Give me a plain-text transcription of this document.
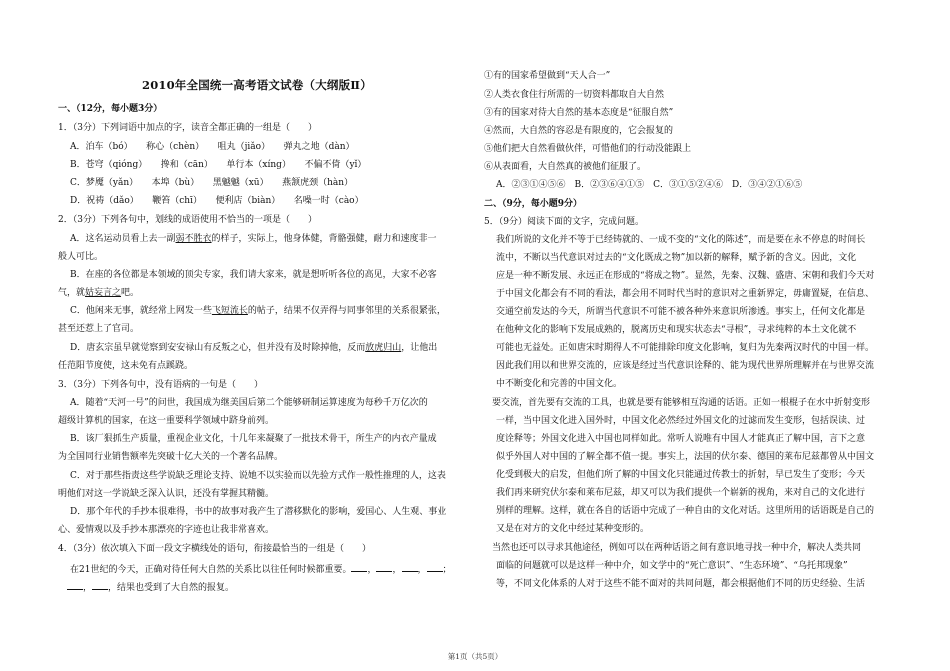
2010年全国统一高考语文试卷（大纲版Ⅱ）
一、（12分，每小题3分）
1．（3分）下列词语中加点的字，读音全都正确的一组是（　　）
A．泊车（bó）　　称心（chèn）　　咀丸（jiǎo）　　弹丸之地（dàn）
B．苍穹（qióng）　　搀和（cān）　　单行本（xíng）　　不偏不倚（yǐ）
C．梦魇（yǎn）　　本埠（bù）　　黑魆魆（xū）　　燕颔虎颈（hàn）
D．祝祷（dǎo）　　鞭笞（chī）　　便利店（biàn）　　名噪一时（cào）
2．（3分）下列各句中，划线的成语使用不恰当的一项是（　　）
A．这名运动员看上去一副弱不胜衣的样子，实际上，他身体健，背骼强健，耐力和速度非一
般人可比。
B．在座的各位都是本领域的顶尖专家，我们请大家来，就是想听听各位的高见，大家不必客
气，就姑妄言之吧。
C．他闲来无事，就经常上网发一些飞短流长的帖子，结果不仅弄得与同事邻里的关系很紧张，
甚至还惹上了官司。
D．唐玄宗虽早就觉察到安安禄山有反叛之心，但并没有及时除掉他，反而放虎归山，让他出
任范阳节度使，这未免有点蹊跷。
3．（3分）下列各句中，没有语病的一句是（　　）
A．随着“天河一号”的问世，我国成为继美国后第二个能够研制运算速度为每秒千万亿次的
超级计算机的国家，在这一重要科学领域中跻身前列。
B．该厂狠抓生产质量，重视企业文化，十几年来凝聚了一批技术骨干，所生产的内衣产量成
为全国同行业销售额率先突破十亿大关的一个著名品牌。
C．对于那些指责这些学说缺乏理论支持、说她不以实验而以先验方式作一般性推理的人，这表
明他们对这一学说缺乏深入认识，还没有掌握其精髓。
D．那个年代的手抄本很难得，书中的故事对我产生了潜移默化的影响，爱国心、人生观、事业
心、爱情观以及手抄本那漂亮的字迹也让我非常喜欢。
4．（3分）依次填入下面一段文字横线处的语句，衔接最恰当的一组是（　　）
在21世纪的今天，正确对待任何大自然的关系比以往任何时候都重要。 ， ， ， ；
　， ，结果也受到了大自然的报复。
①有的国家希望做到“天人合一”
②人类衣食住行所需的一切资料都取自大自然
③有的国家对待大自然的基本态度是“征服自然”
④然而，大自然的容忍是有限度的，它会报复的
⑤他们把大自然看做伙伴，可惜他们的行动没能跟上
⑥从表面看，大自然真的被他们征服了。
A．②③①④⑤⑥　B．②③⑥④①⑤　C．③①⑤②④⑥　D．③④②①⑥⑤
二、（9分，每小题9分）
5．（9分）阅读下面的文字，完成问题。
我们所说的文化并不等于已经铸就的、一成不变的“文化的陈述”，而是要在永不停息的时间长
流中，不断以当代意识对过去的“文化既成之物”加以新的解释，赋予新的含义。因此，文化
应是一种不断发展、永远正在形成的“将成之物”。显然，先秦、汉魏、盛唐、宋朝和我们今天对
于中国文化都会有不同的看法，都会用不同时代当时的意识对之重新界定，毋庸置疑，在信息、
交通空前发达的今天，所谓当代意识不可能不被各种外来意识所渗透。事实上，任何文化都是
在他种文化的影响下发展成熟的，脱离历史和现实状态去“寻根”，寻求纯粹的本土文化就不
可能也无益处。正如唐宋时期得人不可能排除印度文化影响，复归为先秦两汉时代的中国一样。
因此我们用以和世界交流的，应该是经过当代意识诠释的、能为现代世界所理解并在与世界交流
中不断变化和完善的中国文化。
要交流，首先要有交流的工具，也就是要有能够相互沟通的话语。正如一根棍子在水中折射变形
一样，当中国文化进入国外时，中国文化必然经过外国文化的过滤而发生变形，包括误读、过
度诠释等；外国文化进入中国也同样如此。常听人说唯有中国人才能真正了解中国，言下之意
似乎外国人对中国的了解全都不值一提。事实上，法国的伏尔泰、德国的莱布尼兹都曾从中国文
化受到极大的启发，但他们所了解的中国文化只能通过传教士的折射，早已发生了变形；今天
我们再来研究伏尔泰和莱布尼兹，却又可以为我们提供一个崭新的视角，来对自己的文化进行
别样的理解。这样，就在各自的话语中完成了一种自由的文化对话。这里所用的话语既是自己的
又是在对方的文化中经过某种变形的。
当然也还可以寻求其他途径，例如可以在两种话语之间有意识地寻找一种中介，解决人类共同
面临的问题就可以是这样一种中介，如文学中的“死亡意识”、“生态环境”、“乌托邦现象”
等，不同文化体系的人对于这些不能不面对的共同问题，都会根据他们不同的历史经验、生活
第1页（共5页）
